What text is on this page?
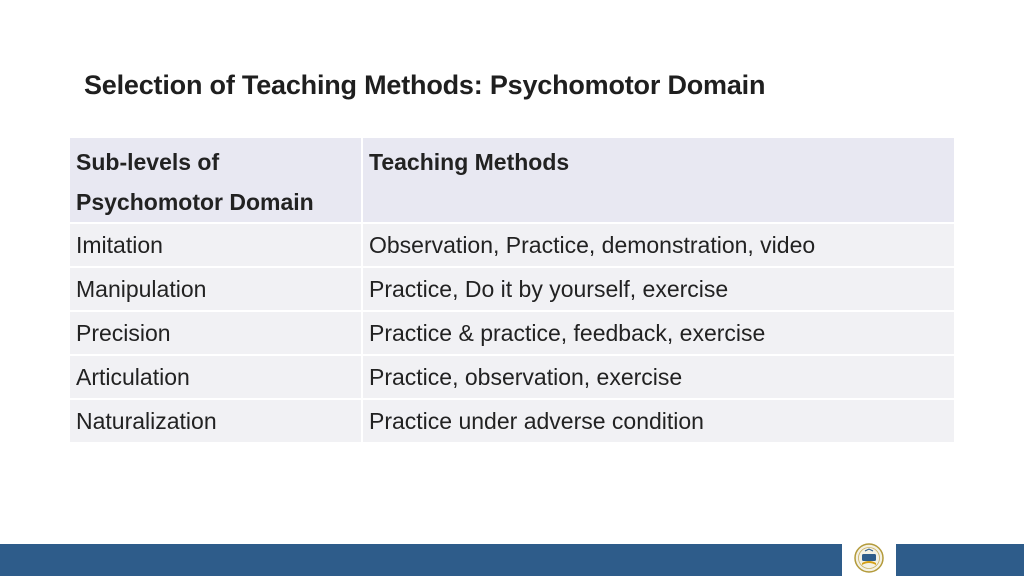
Selection of Teaching Methods: Psychomotor Domain
Sub-levels of
Psychomotor Domain	Teaching Methods
Imitation	Observation, Practice, demonstration, video
Manipulation	Practice, Do it by yourself, exercise
Precision	Practice & practice, feedback, exercise
Articulation	Practice, observation, exercise
Naturalization	Practice under adverse condition
